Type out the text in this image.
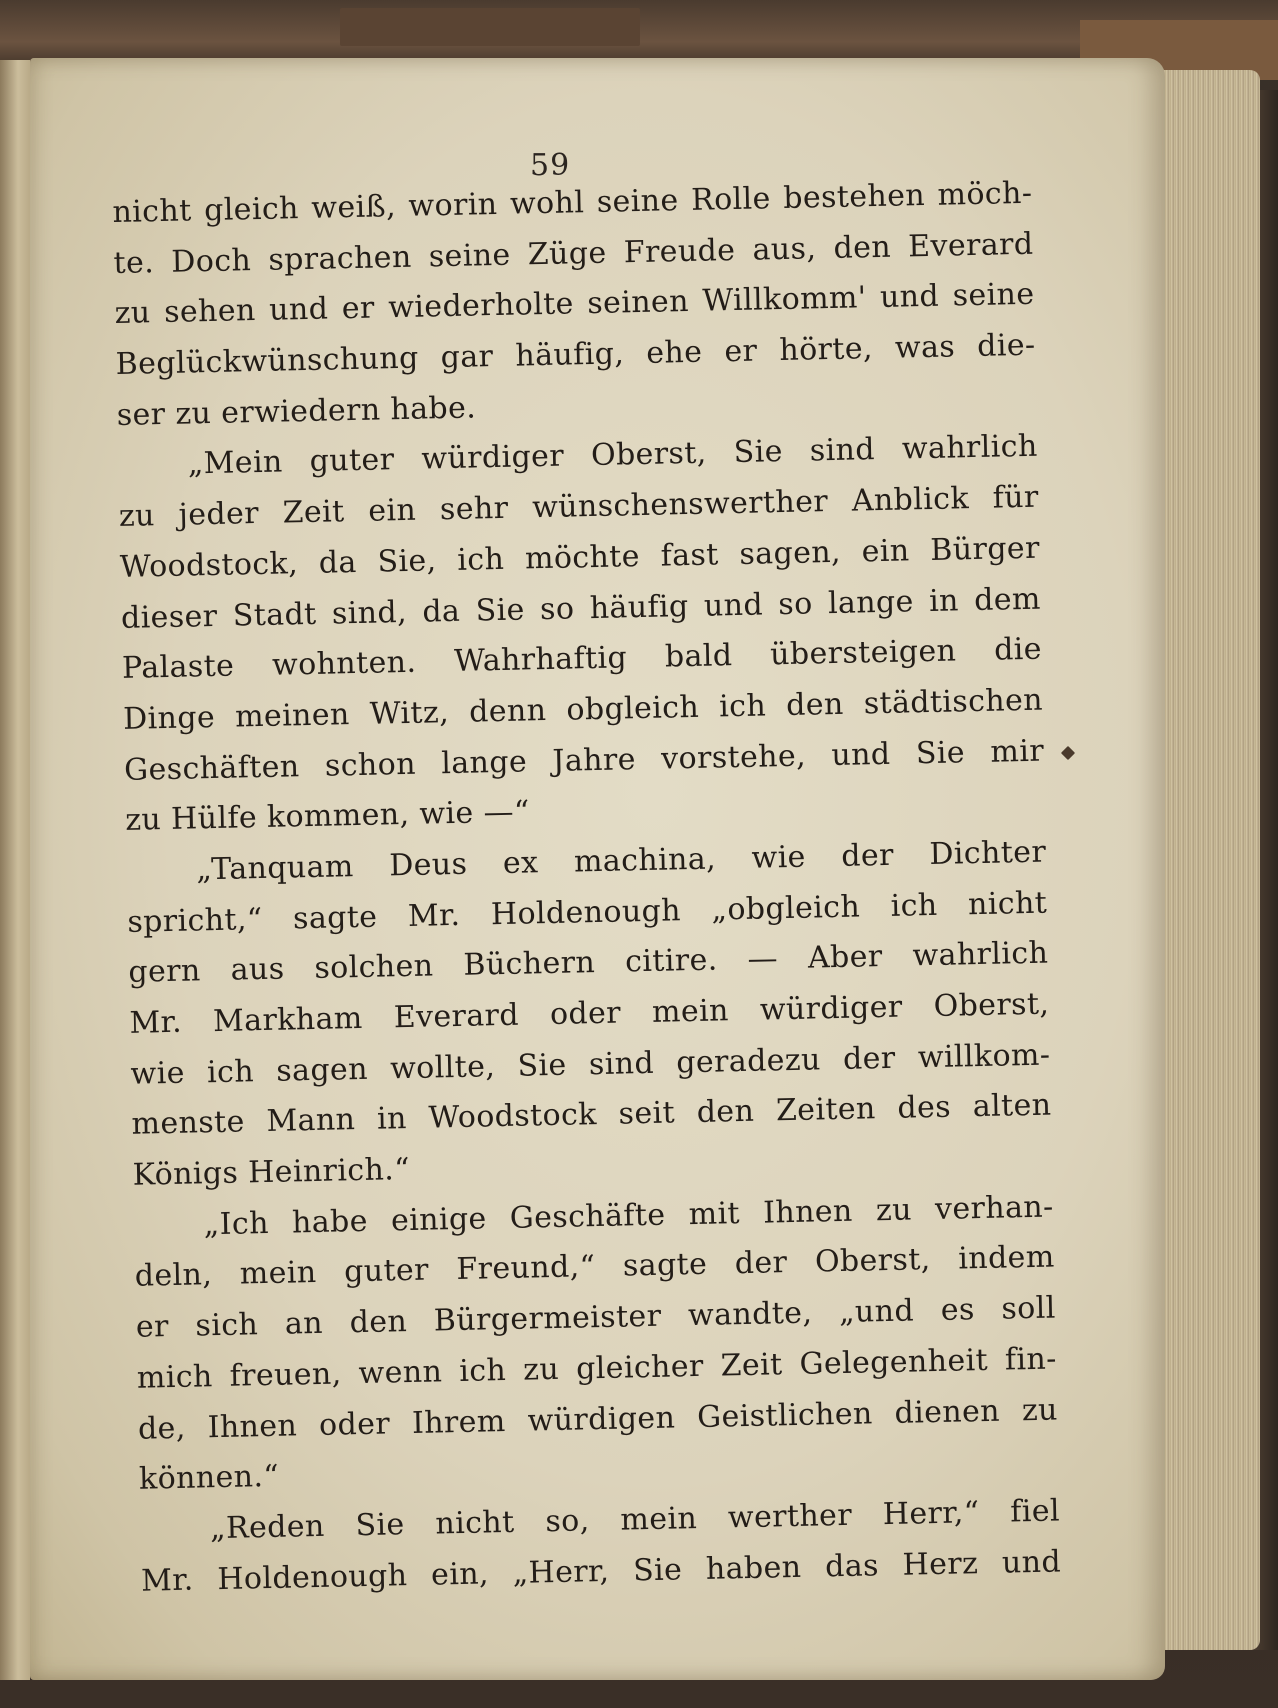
59
nicht gleich weiß, worin wohl seine Rolle bestehen möch-
te. Doch sprachen seine Züge Freude aus, den Everard
zu sehen und er wiederholte seinen Willkomm' und seine
Beglückwünschung gar häufig, ehe er hörte, was die-
ser zu erwiedern habe.
„Mein guter würdiger Oberst, Sie sind wahrlich
zu jeder Zeit ein sehr wünschenswerther Anblick für
Woodstock, da Sie, ich möchte fast sagen, ein Bürger
dieser Stadt sind, da Sie so häufig und so lange in dem
Palaste wohnten. Wahrhaftig bald übersteigen die
Dinge meinen Witz, denn obgleich ich den städtischen
Geschäften schon lange Jahre vorstehe, und Sie mir
zu Hülfe kommen, wie —“
„Tanquam Deus ex machina, wie der Dichter
spricht,“ sagte Mr. Holdenough „obgleich ich nicht
gern aus solchen Büchern citire. — Aber wahrlich
Mr. Markham Everard oder mein würdiger Oberst,
wie ich sagen wollte, Sie sind geradezu der willkom-
menste Mann in Woodstock seit den Zeiten des alten
Königs Heinrich.“
„Ich habe einige Geschäfte mit Ihnen zu verhan-
deln, mein guter Freund,“ sagte der Oberst, indem
er sich an den Bürgermeister wandte, „und es soll
mich freuen, wenn ich zu gleicher Zeit Gelegenheit fin-
de, Ihnen oder Ihrem würdigen Geistlichen dienen zu
können.“
„Reden Sie nicht so, mein werther Herr,“ fiel
Mr. Holdenough ein, „Herr, Sie haben das Herz und
